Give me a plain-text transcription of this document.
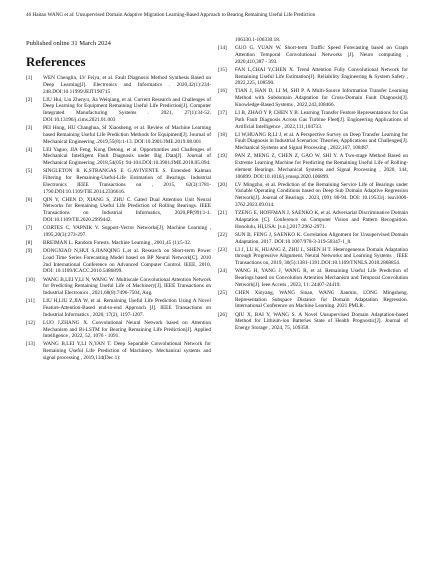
46 Haitao WANG et al: Unsupervised Domain Adaptive Migration Learning-Based Approach to Bearing Remaining Useful Life Prediction
Published online 31 March 2024
References
[1] WEN Chenglin, LV Feiya, et al. Fault Diagnosis Method Synthesis Based on Deep Learning[J]. Electronics and Informatics . 2020,42(1):234-248.DOI:10.11999/JEIT190715
[2] LIU Hui, Liu Zhenyu, Jia Weiqiang, et al. Current Research and Challenges of Deep Learning for Equipment Remaining Useful Life Prediction[J]. Computer Integrated Manufacturing Systems . 2021, 27(1):34-52. DOI:10.13196/j.cims.2021.01.003
[3] PEI Hong, HU Changhua, SI Xiaosheng, et al. Review of Machine Learning based Remaining Useful Life Prediction Methods for Equipment[J]. Journal of Mechanical Engineering .2019,55(8):1-13. DOI:10.3901/JME.2019.08.001
[4] LEI Yaguo, JIA Feng, Kong Detong, et al. Opportunities and Challenges of Mechanical Intelligent Fault Diagnosis under Big Data[J]. Journal of Mechanical Engineering .2018,54(05): 94-104.DOI:10.3901/JME.2018.05.094.
[5] SINGLETON R K,STRANGAS E G,AVIYENTE S. Extended Kalman Filtering for Remaining-Useful-Life Estimation of Bearings. Industrial Electronics IEEE Transactions on , 2015, 62(3):1781-1790.DOI:10.1109/TIE.2014.2336616.
[6] QIN Y, CHEN D, XIANG S, ZHU C. Gated Dual Attention Unit Neural Networks for Remaining Useful Life Prediction of Rolling Bearings. IEEE Transactions on Industrial Informatics, 2020,PP(99):1-1. DOI:10.1109/TII.2020.2999442.
[7] CORTES C, VAPNIK V. Support-Vector Networks[J]. Machine Learning , 1995,20(3):273-297.
[8] BREIMAN L. Random Forests. Machine Learning , 2001,45 (1):5-32.
[9] DONGXIAO N,HUI S,JIANQING L,et al. Research on Short-term Power Load Time Series Forecasting Model based on BP Neural Network[C]. 2010 2nd International Conference on Advanced Computer Control. IEEE, 2010. DOI: 10.1109/ICACC.2010.5486899.
[10] WANG B,LEI Y,LI N, WANG W. Multiscale Convolutional Attention Network for Predicting Remaining Useful Life of Machinery[J]. IEEE Transactions on Industrial Electronics , 2021,68(8):7496-7504, Aug.
[11] LIU H,LIU Z,JIA W, et al. Remaining Useful Life Prediction Using A Novel Feature-Attention-Based end-to-end Approach [J]. IEEE Transactions on Industrial Informatics , 2020, 17(2), 1197-1207.
[12] LUO J,ZHANG X. Convolutional Neural Network based on Attention Mechanism and Bi-LSTM for Bearing Remaining Life Prediction[J]. Applied Intelligence , 2022, 52, 1076 - 1091.
[13] WANG B,LEI Y,LI N,YAN T. Deep Separable Convolutional Network for Remaining Useful Life Prediction of Machinery. Mechanical systems and signal processing , 2019,134(Dec.1):
106330.1-106330.18.
[14] GUO G, YUAN W. Short-term Traffic Speed Forecasting based on Graph Attention Temporal Convolutional Networks [J]. Neuro computing , 2020,410,387 - 393.
[15] FAN L,CHAI Y,CHEN X. Trend Attention Fully Convolutional Network for Remaining Useful Life Estimation[J]. Reliability Engineering & System Safety , 2022,225, 108590.
[16] TIAN J, HAN D, LI M, SHI P. A Multi-Source Information Transfer Learning Method with Subdomain Adaptation for Cross-Domain Fault Diagnosis[J]. Knowledge-Based Systems , 2022,243,108466.
[17] LI B, ZHAO Y P, CHEN Y B. Learning Transfer Feature Representations for Gas Path Fault Diagnosis Across Gas Turbine Fleet[J]. Engineering Applications of Artificial Intelligence , 2022,111,104733.
[18] LI W,HUANG R,LI J, et al. A Perspective Survey on Deep Transfer Learning for Fault Diagnosis in Industrial Scenarios: Theories, Applications and Challenges[J]. Mechanical Systems and Signal Processing , 2022,167, 108487.
[19] PAN Z, MENG Z, CHEN Z, GAO W, SHI Y. A Two-stage Method Based on Extreme Learning Machine for Predicting the Remaining Useful Life of Rolling-element Bearings. Mechanical Systems and Signal Processing , 2020, 144, 106899. DOI:10.1016/j.ymssp.2020.106899.
[20] LV Mingzhu, et al. Prediction of the Remaining Service Life of Bearings under Variable Operating Conditions based on Deep Sub Domain Adaptive Regression Network[J]. Journal of Bearings . 2023, (09): 80-94. DOI: 10.19533/j. issn1000-3762.2023.09.014.
[21] TZENG E, HOFFMAN J, SAENKO K, et al. Adversarial Discriminative Domain Adaptation [C]. Conference on Computer Vision and Pattern Recognition. Honolulu, HI,USA: [s.n.],2017:2962-2971.
[22] SUN B, FENG J, SAENKO K. Correlation Alignment for Unsupervised Domain Adaptation. 2017. DOI:10.1007/978-3-319-58347-1_8.
[23] LI J, LU K, HUANG Z, ZHU L, SHEN H T. Heterogeneous Domain Adaptation through Progressive Alignment. Neural Networks and Learning Systems , IEEE Transactions on, 2019, 30(5):1381-1391.DOI:10.1109/TNNLS.2018.2868854.
[24] WANG H, YANG J, WANG R, et al. Remaining Useful Life Prediction of Bearings based on Convolution Attention Mechanism and Temporal Convolution Network[J]. Ieee Access , 2023, 11: 24407-24419.
[25] CHEN Xinyang, WANG Sinan, WANG Jianmin, LONG Mingsheng. Representation Subspace Distance for Domain Adaptation Regression. International Conference on Machine Learning. 2021 PMLR .
[26] QIU X, BAI Y, WANG S. A Novel Unsupervised Domain Adaptation-based Method for Lithium-ion Batteries State of Health Prognostic[J]. Journal of Energy Storage , 2024, 75, 109358.
